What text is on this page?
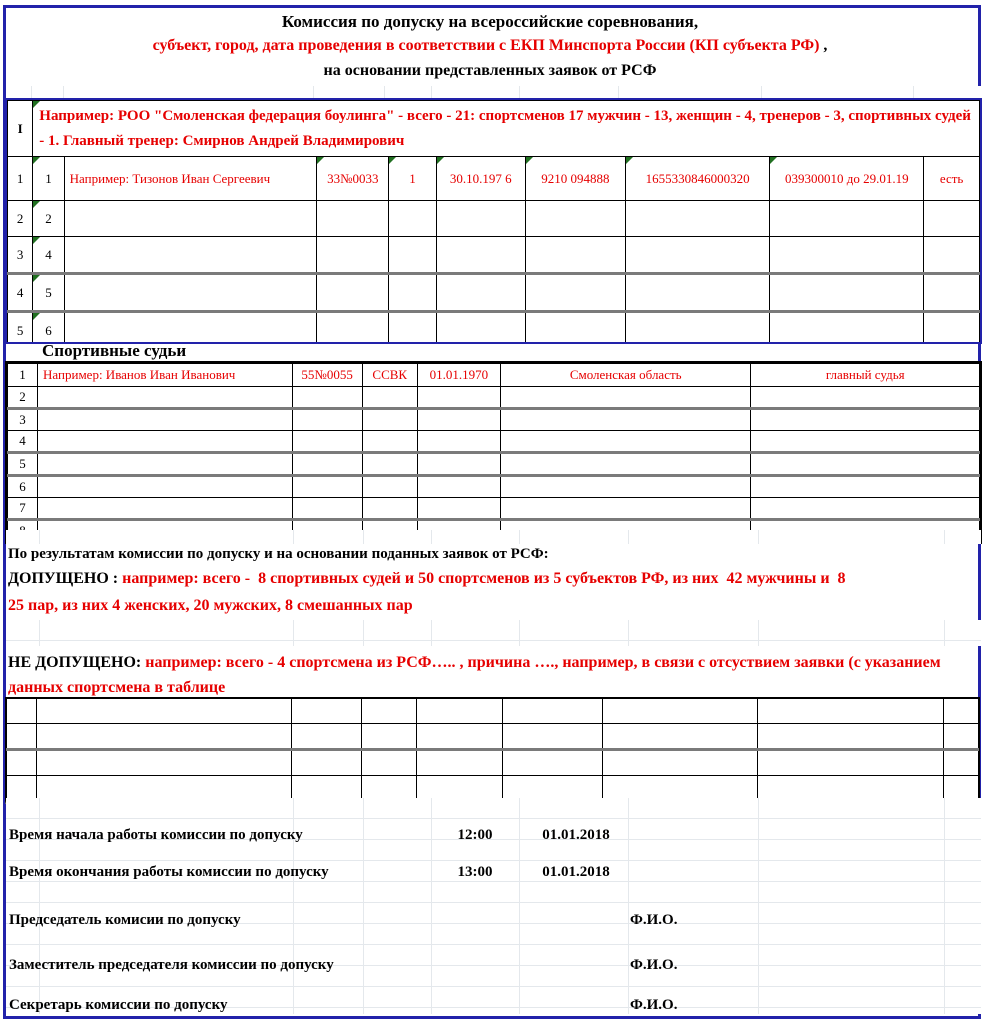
Комиссия по допуску на всероссийские соревнования,
субъект, город, дата проведения в соответствии с ЕКП Минспорта России (КП субъекта РФ) ,
на основании представленных заявок от РСФ
I	Например: РОО "Смоленская федерация боулинга" - всего - 21: спортсменов 17 мужчин - 13, женщин - 4, тренеров - 3, спортивных судей - 1. Главный тренер: Смирнов Андрей Владимирович								
1	1	Например: Тизонов Иван Сергеевич	33№0033	1	30.10.197 6	9210 094888	1655330846000320	039300010 до 29.01.19	есть
2	2								
3	4								
4	5								
5	6								
Спортивные судьи
1	Например: Иванов Иван Иванович	55№0055	ССВК	01.01.1970	Смоленская область	главный судья
2						
3						
4						
5						
6						
7						

По результатам комиссии по допуску и на основании поданных заявок от РСФ:
ДОПУЩЕНО : например: всего -  8 спортивных судей и 50 спортсменов из 5 субъектов РФ, из них  42 мужчины и  8
25 пар, из них 4 женских, 20 мужских, 8 смешанных пар
НЕ ДОПУЩЕНО: например: всего - 4 спортсмена из РСФ….. , причина …., например, в связи с отсуствием заявки (с указанием данных спортсмена в таблице

Время начала работы комиссии по допуску	12:00	01.01.2018
Время окончания работы комиссии по допуску	13:00	01.01.2018
Председатель комисии по допуску	Ф.И.О.
Заместитель председателя комиссии по допуску	Ф.И.О.
Секретарь комиссии по допуску	Ф.И.О.
